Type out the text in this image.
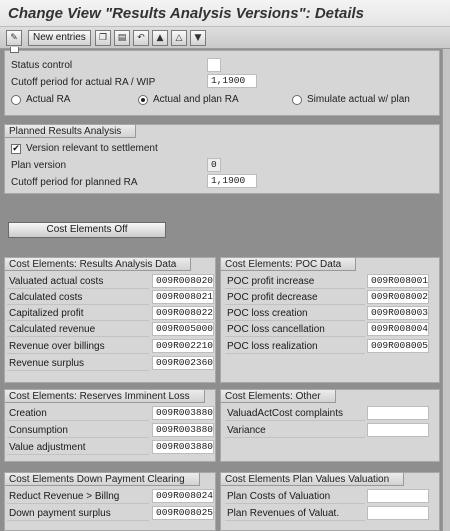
Change View "Results Analysis Versions": Details
✎	New entries	❐	▤	↶	▲	△	▼
Status control
Cutoff period for actual RA / WIP	1,1900
Actual RA	Actual and plan RA	Simulate actual w/ plan
Planned Results Analysis
✔ Version relevant to settlement
Plan version	0
Cutoff period for planned RA	1,1900
Cost Elements Off
Cost Elements: Results Analysis Data
Valuated actual costs	009R008020
Calculated costs	009R008021
Capitalized profit	009R008022
Calculated revenue	009R005000
Revenue over billings	009R002210
Revenue surplus	009R002360
Cost Elements: POC Data
POC profit increase	009R008001
POC profit decrease	009R008002
POC loss creation	009R008003
POC loss cancellation	009R008004
POC loss realization	009R008005
Cost Elements: Reserves Imminent Loss
Creation	009R003880
Consumption	009R003880
Value adjustment	009R003880
Cost Elements: Other
ValuadActCost complaints
Variance
Cost Elements Down Payment Clearing
Reduct Revenue > Billng	009R008024
Down payment surplus	009R008025
Cost Elements Plan Values Valuation
Plan Costs of Valuation
Plan Revenues of Valuat.
